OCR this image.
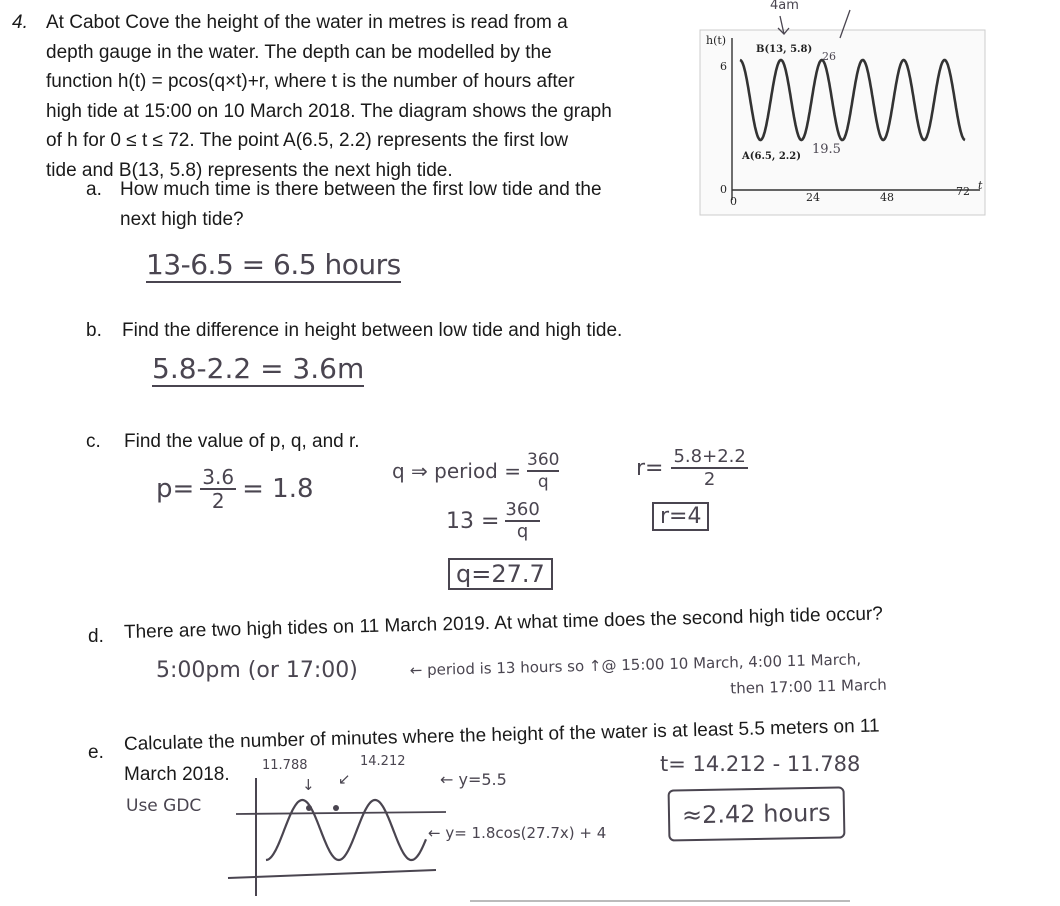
4. At Cabot Cove the height of the water in metres is read from a
depth gauge in the water. The depth can be modelled by the
function h(t) = pcos(q×t)+r, where t is the number of hours after
high tide at 15:00 on 10 March 2018. The diagram shows the graph
of h for 0 ≤ t ≤ 72. The point A(6.5, 2.2) represents the first low
tide and B(13, 5.8) represents the next high tide.
h(t)
6
0
0	24	48	72 t
B(13, 5.8)
A(6.5, 2.2)
4am
26
19.5
a. How much time is there between the first low tide and the
next high tide?
13-6.5 = 6.5 hours
b. Find the difference in height between low tide and high tide.
5.8-2.2 = 3.6m
c. Find the value of p, q, and r.
$p= \frac{3.6}{2} = 1.8$
q ⇒ period = $\frac{360}{q}$
$13 = \frac{360}{q}$
q=27.7
$r= \frac{5.8+2.2}{2}$
r=4
d. There are two high tides on 11 March 2019. At what time does the second high tide occur?
5:00pm (or 17:00)	← period is 13 hours so ↑@ 15:00 10 March, 4:00 11 March,
then 17:00 11 March
e. Calculate the number of minutes where the height of the water is at least 5.5 meters on 11
March 2018.
Use GDC
11.788
↓
14.212
↙	← y=5.5
← y= 1.8cos(27.7x) + 4
t= 14.212 - 11.788
≈2.42 hours
